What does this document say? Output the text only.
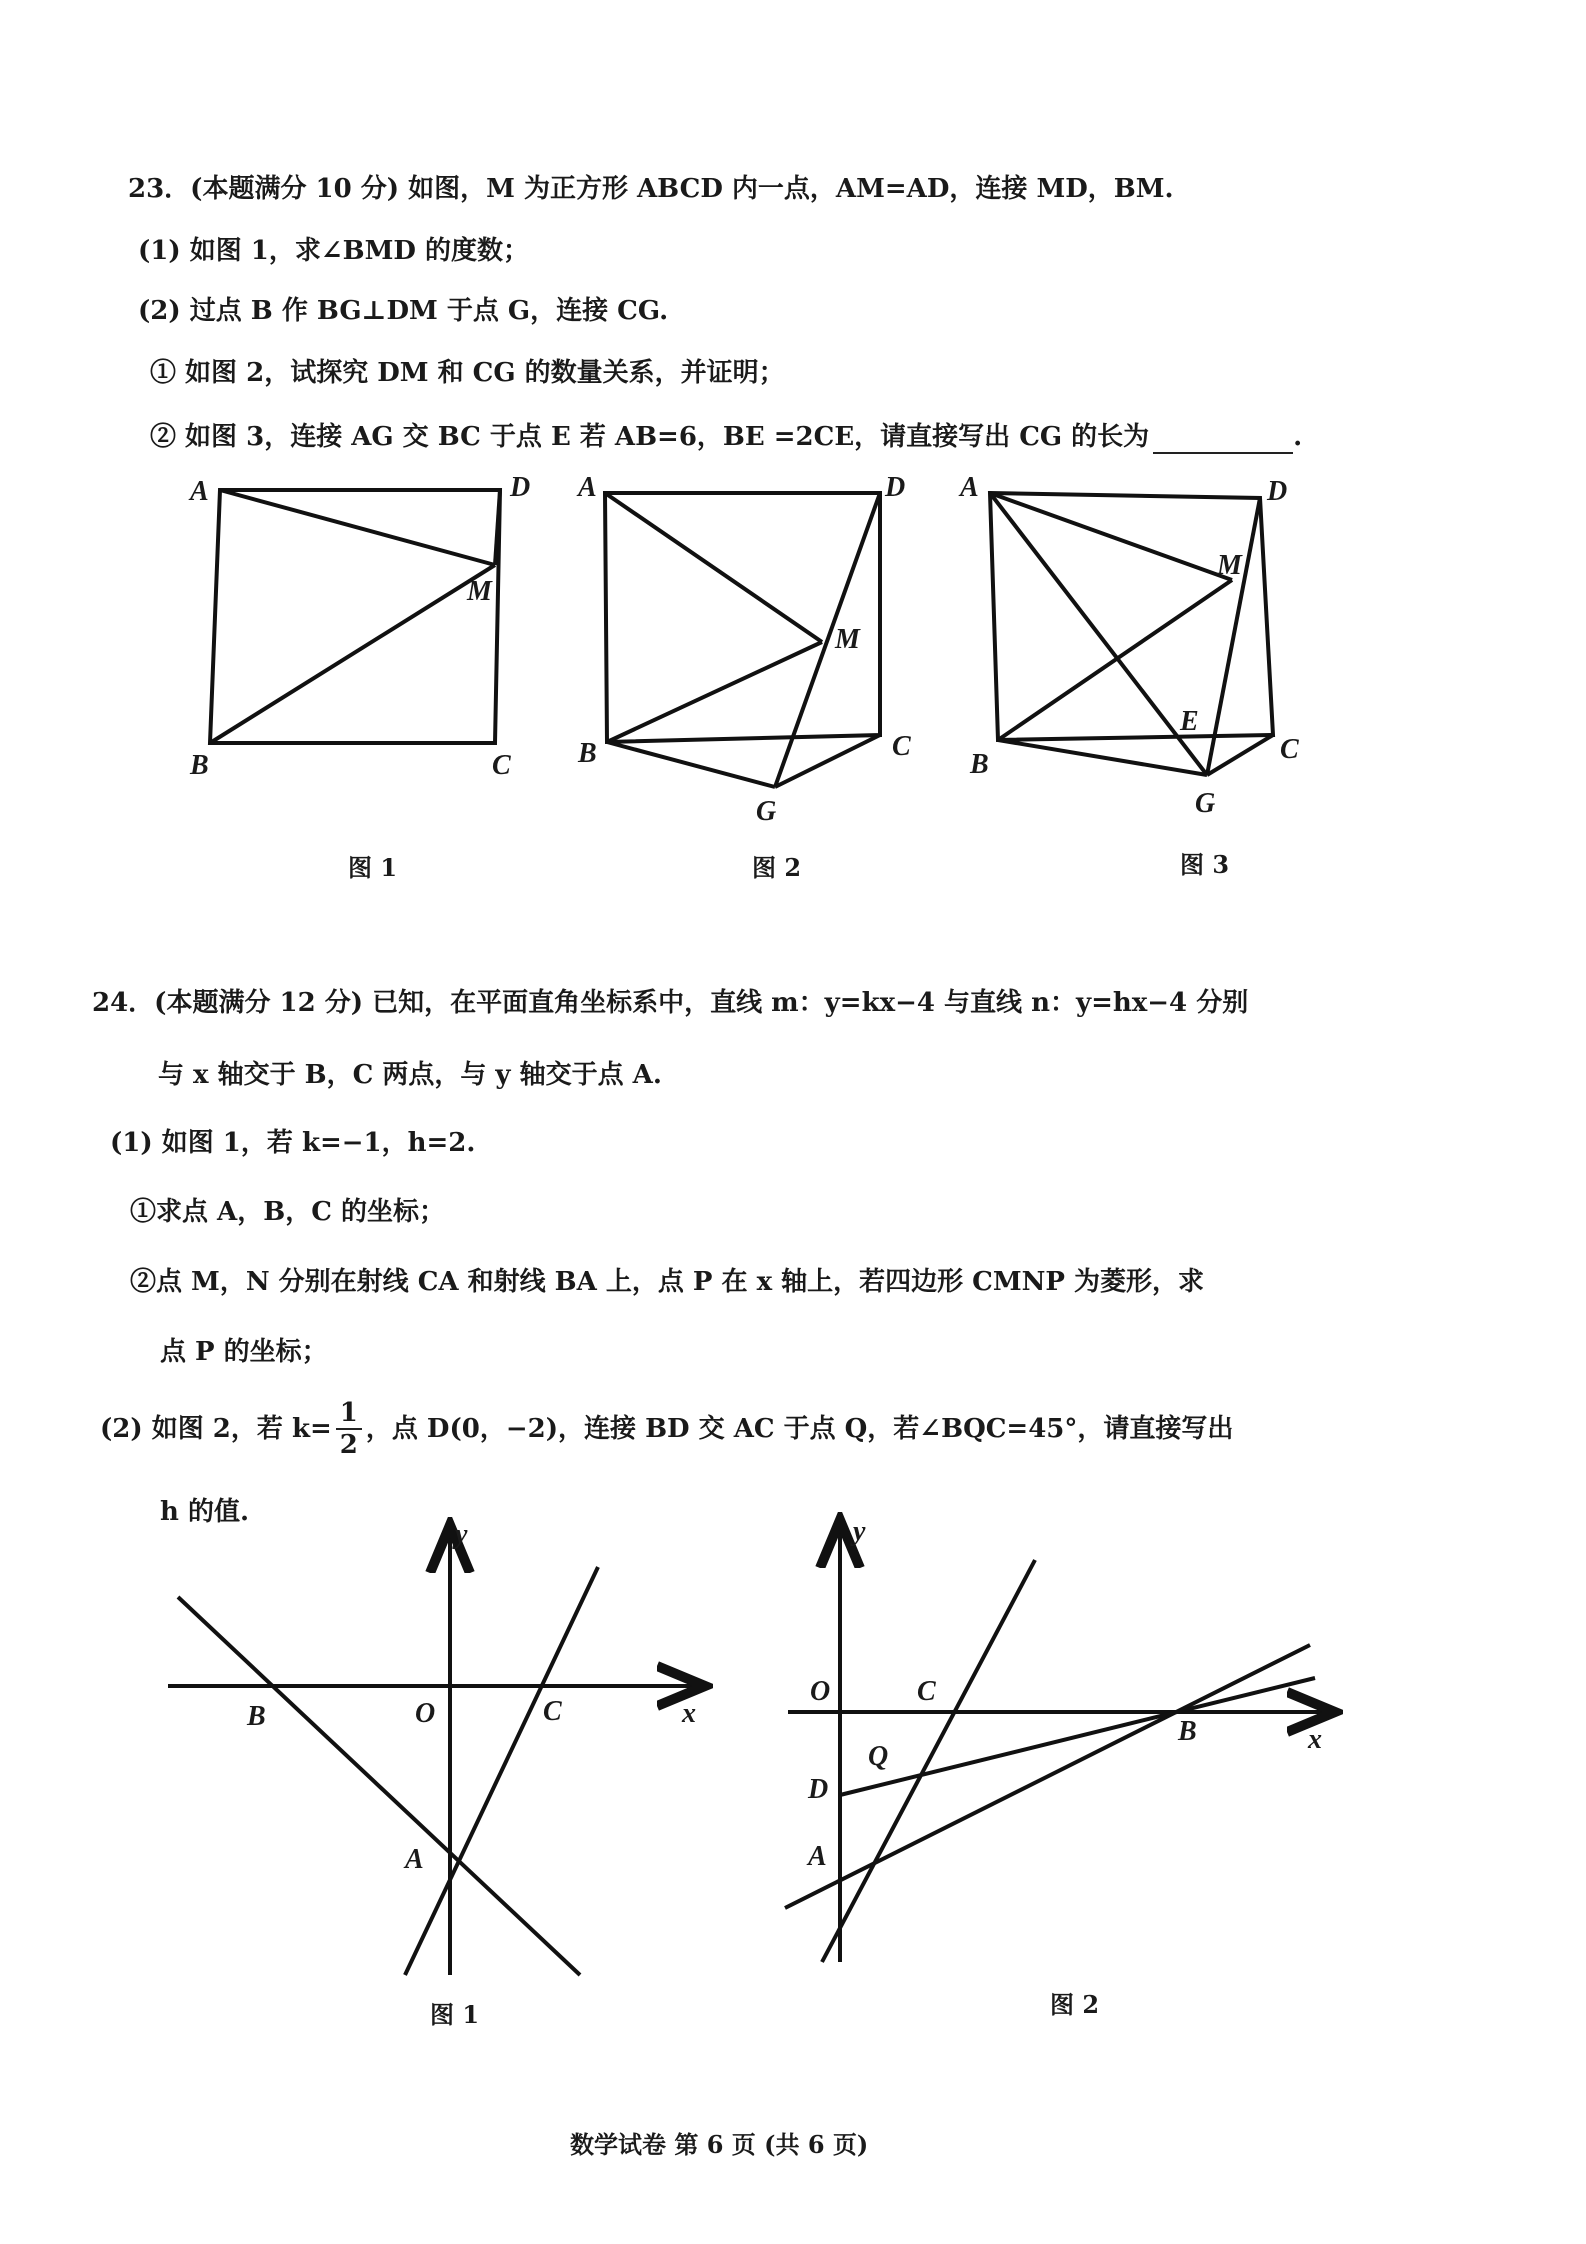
23．(本题满分 10 分) 如图，M 为正方形 ABCD 内一点，AM=AD，连接 MD，BM.
(1) 如图 1，求∠BMD 的度数；
(2) 过点 B 作 BG⊥DM 于点 G，连接 CG.
① 如图 2，试探究 DM 和 CG 的数量关系，并证明；
② 如图 3，连接 AG 交 BC 于点 E 若 AB=6，BE =2CE，请直接写出 CG 的长为	.
A	D
M
B	C
A	D
M
B	C
G
A	D
M
E
B	C
G
图 1	图 2	图 3
24．(本题满分 12 分) 已知，在平面直角坐标系中，直线 m：y=kx−4 与直线 n：y=hx−4 分别
与 x 轴交于 B，C 两点，与 y 轴交于点 A.
(1) 如图 1，若 k=−1，h=2.
①求点 A，B，C 的坐标；
②点 M，N 分别在射线 CA 和射线 BA 上，点 P 在 x 轴上，若四边形 CMNP 为菱形，求
点 P 的坐标；
(2) 如图 2，若 $k= \frac{1}{2}$ ，点 D(0，−2)，连接 BD 交 AC 于点 Q，若∠BQC=45°，请直接写出
h 的值.
y
x
O
B	C
A
y
x
O	C
B
Q
D
A
图 1	图 2
数学试卷 第 6 页 (共 6 页)
